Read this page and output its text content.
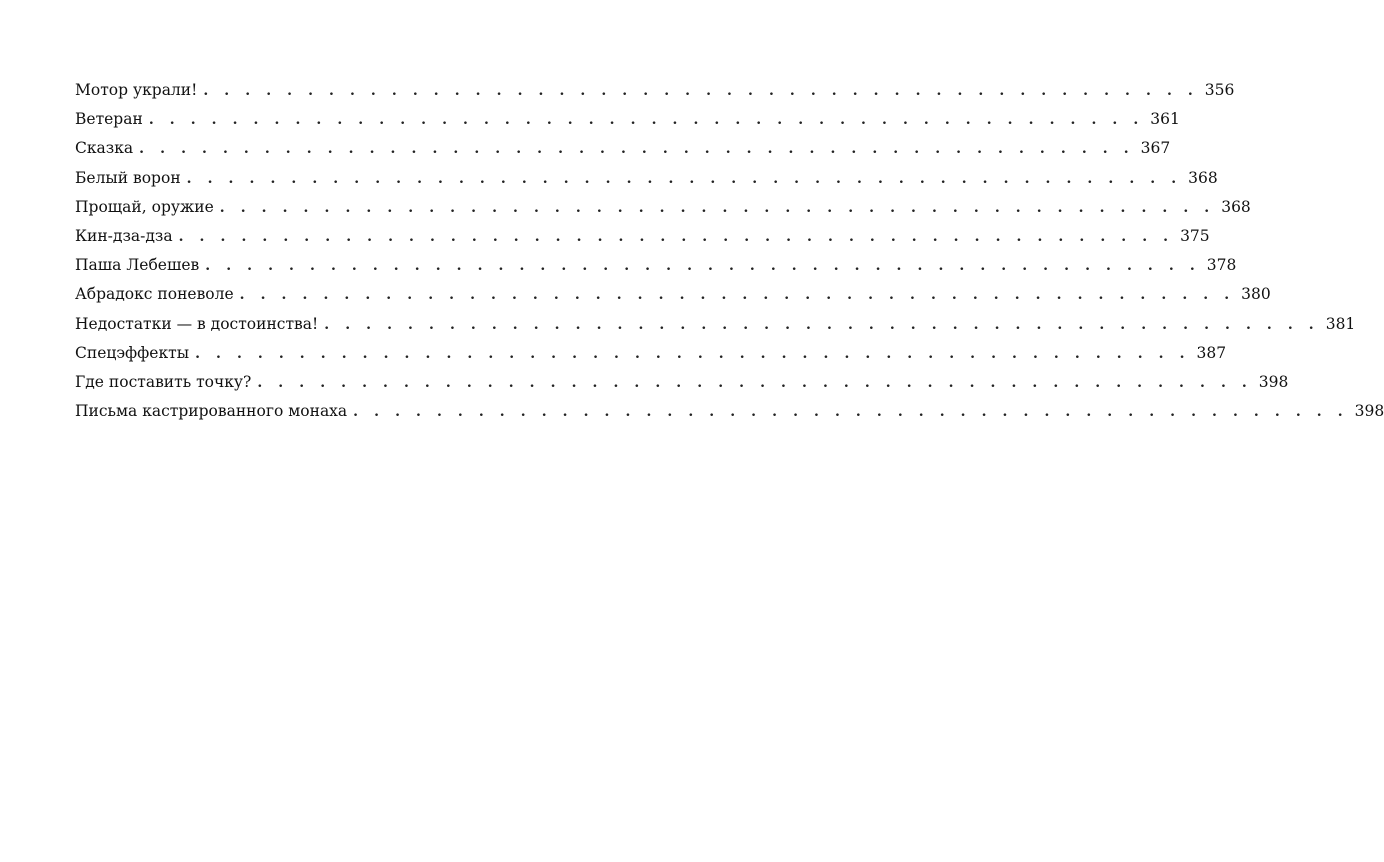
Мотор украли! . . . . . . . . . . . . . . . . . . . . . . . . . . . . . . . . . . . . . . . . . . . . . . . . 356
Ветеран . . . . . . . . . . . . . . . . . . . . . . . . . . . . . . . . . . . . . . . . . . . . . . . . 361
Сказка . . . . . . . . . . . . . . . . . . . . . . . . . . . . . . . . . . . . . . . . . . . . . . . . 367
Белый ворон . . . . . . . . . . . . . . . . . . . . . . . . . . . . . . . . . . . . . . . . . . . . . . . . 368
Прощай, оружие . . . . . . . . . . . . . . . . . . . . . . . . . . . . . . . . . . . . . . . . . . . . . . . . 368
Кин-дза-дза . . . . . . . . . . . . . . . . . . . . . . . . . . . . . . . . . . . . . . . . . . . . . . . . 375
Паша Лебешев . . . . . . . . . . . . . . . . . . . . . . . . . . . . . . . . . . . . . . . . . . . . . . . . 378
Абрадокс поневоле . . . . . . . . . . . . . . . . . . . . . . . . . . . . . . . . . . . . . . . . . . . . . . . . 380
Недостатки — в достоинства! . . . . . . . . . . . . . . . . . . . . . . . . . . . . . . . . . . . . . . . . . . . . . . . . 381
Спецэффекты . . . . . . . . . . . . . . . . . . . . . . . . . . . . . . . . . . . . . . . . . . . . . . . . 387
Где поставить точку? . . . . . . . . . . . . . . . . . . . . . . . . . . . . . . . . . . . . . . . . . . . . . . . . 398
Письма кастрированного монаха . . . . . . . . . . . . . . . . . . . . . . . . . . . . . . . . . . . . . . . . . . . . . . . . 398
